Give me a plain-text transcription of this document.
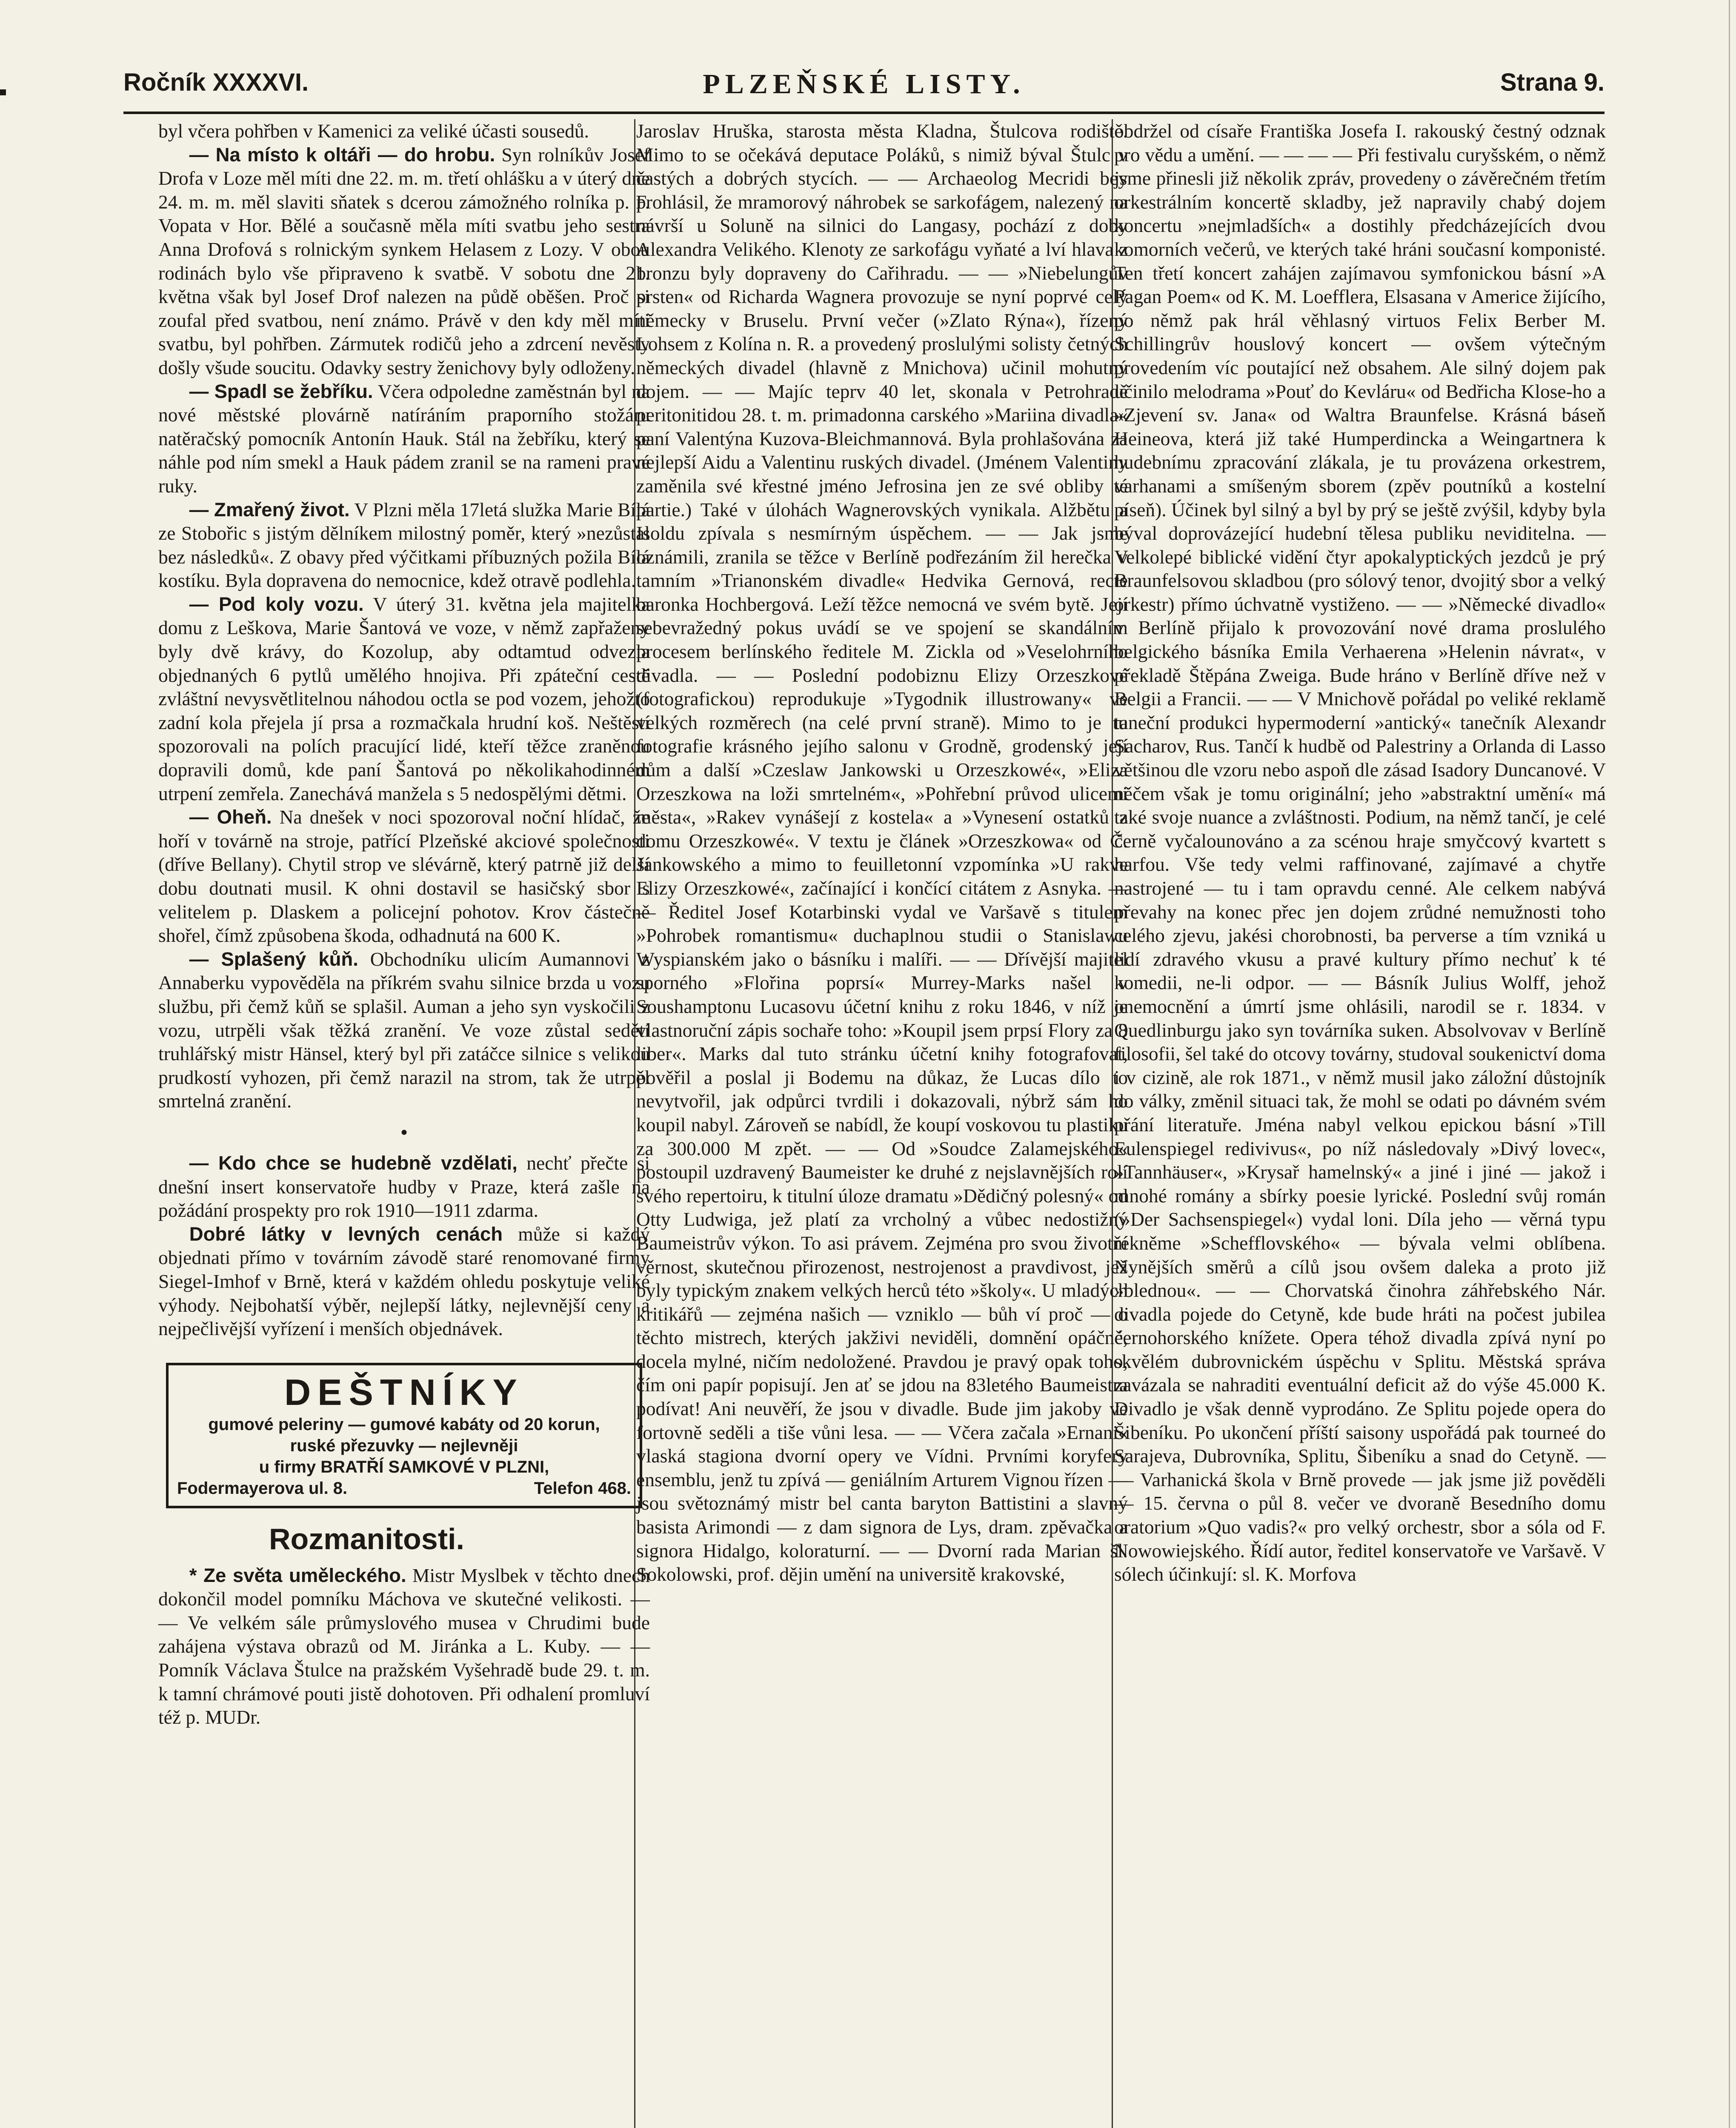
Ročník XXXXVI.	PLZEŇSKÉ LISTY.	Strana 9.

byl včera pohřben v Kamenici za veliké účasti sousedů.

— Na místo k oltáři — do hrobu. Syn rolníkův Josef Drofa v Loze měl míti dne 22. m. m. třetí ohlášku a v úterý dne 24. m. m. měl slaviti sňatek s dcerou zámožného rolníka p. F. Vopata v Hor. Bělé a současně měla míti svatbu jeho sestra Anna Drofová s rolnickým synkem Helasem z Lozy. V obou rodinách bylo vše připraveno k svatbě. V sobotu dne 21. května však byl Josef Drof nalezen na půdě oběšen. Proč si zoufal před svatbou, není známo. Právě v den kdy měl míti svatbu, byl pohřben. Zármutek rodičů jeho a zdrcení nevěsty došly všude soucitu. Odavky sestry ženichovy byly odloženy.

— Spadl se žebříku. Včera odpoledne zaměstnán byl na nové městské plovárně natíráním praporního stožáru natěračský pomocník Antonín Hauk. Stál na žebříku, který se náhle pod ním smekl a Hauk pádem zranil se na rameni pravé ruky.

— Zmařený život. V Plzni měla 17letá služka Marie Bílá ze Stobořic s jistým dělníkem milostný poměr, který »nezůstal bez následků«. Z obavy před výčitkami příbuzných požila Bílá kostíku. Byla dopravena do nemocnice, kdež otravě podlehla.

— Pod koly vozu. V úterý 31. května jela majitelka domu z Leškova, Marie Šantová ve voze, v němž zapřaženy byly dvě krávy, do Kozolup, aby odtamtud odvezla objednaných 6 pytlů umělého hnojiva. Při zpáteční cestě zvláštní nevysvětlitelnou náhodou octla se pod vozem, jehožto zadní kola přejela jí prsa a rozmačkala hrudní koš. Neštěstí spozorovali na polích pracující lidé, kteří těžce zraněnou dopravili domů, kde paní Šantová po několikahodinném utrpení zemřela. Zanechává manžela s 5 nedospělými dětmi.

— Oheň. Na dnešek v noci spozoroval noční hlídač, že hoří v továrně na stroje, patřící Plzeňské akciové společnosti (dříve Bellany). Chytil strop ve slévárně, který patrně již delší dobu doutnati musil. K ohni dostavil se hasičský sbor s velitelem p. Dlaskem a policejní pohotov. Krov částečně shořel, čímž způsobena škoda, odhadnutá na 600 K.

— Splašený kůň. Obchodníku ulicím Aumannovi z Annaberku vypověděla na příkrém svahu silnice brzda u vozu službu, při čemž kůň se splašil. Auman a jeho syn vyskočili z vozu, utrpěli však těžká zranění. Ve voze zůstal sedětí truhlářský mistr Hänsel, který byl při zatáčce silnice s velikou prudkostí vyhozen, při čemž narazil na strom, tak že utrpěl smrtelná zranění.

•

— Kdo chce se hudebně vzdělati, nechť přečte si dnešní insert konservatoře hudby v Praze, která zašle na požádání prospekty pro rok 1910—1911 zdarma.

Dobré látky v levných cenách může si každý objednati přímo v továrním závodě staré renomované firmy Siegel-Imhof v Brně, která v každém ohledu poskytuje veliké výhody. Nejbohatší výběr, nejlepší látky, nejlevnější ceny a nejpečlivější vyřízení i menších objednávek.

DEŠTNÍKY
gumové peleriny — gumové kabáty od 20 korun,
ruské přezuvky — nejlevněji
u firmy BRATŘÍ SAMKOVÉ V PLZNI,
Fodermayerova ul. 8.	Telefon 468.
Rozmanitosti.

* Ze světa uměleckého. Mistr Myslbek v těchto dnech dokončil model pomníku Máchova ve skutečné velikosti. — — Ve velkém sále průmyslového musea v Chrudimi bude zahájena výstava obrazů od M. Jiránka a L. Kuby. — — Pomník Václava Štulce na pražském Vyšehradě bude 29. t. m. k tamní chrámové pouti jistě dohotoven. Při odhalení promluví též p. MUDr.

Jaroslav Hruška, starosta města Kladna, Štulcova rodiště. Mimo to se očekává deputace Poláků, s nimiž býval Štulc v častých a dobrých stycích. — — Archaeolog Mecridi bey prohlásil, že mramorový náhrobek se sarkofágem, nalezený na návrší u Soluně na silnici do Langasy, pochází z doby Alexandra Velikého. Klenoty ze sarkofágu vyňaté a lví hlava z bronzu byly dopraveny do Cařihradu. — — »Niebelungův prsten« od Richarda Wagnera provozuje se nyní poprvé celý německy v Bruselu. První večer (»Zlato Rýna«), řízený Lohsem z Kolína n. R. a provedený proslulými solisty četných německých divadel (hlavně z Mnichova) učinil mohutný dojem. — — Majíc teprv 40 let, skonala v Petrohradě peritonitidou 28. t. m. primadonna carského »Mariina divadla« paní Valentýna Kuzova-Bleichmannová. Byla prohlašována za nejlepší Aidu a Valentinu ruských divadel. (Jménem Valentiny zaměnila své křestné jméno Jefrosina jen ze své obliby té partie.) Také v úlohách Wagnerovských vynikala. Alžbětu a Isoldu zpívala s nesmírným úspěchem. — — Jak jsme oznámili, zranila se těžce v Berlíně podřezáním žil herečka v tamním »Trianonském divadle« Hedvika Gernová, recte baronka Hochbergová. Leží těžce nemocná ve svém bytě. Její sebevražedný pokus uvádí se ve spojení se skandálním procesem berlínského ředitele M. Zickla od »Veselohrního divadla. — — Poslední podobiznu Elizy Orzeszkové (fotografickou) reprodukuje »Tygodnik illustrowany« ve velkých rozměrech (na celé první straně). Mimo to je tu fotografie krásného jejího salonu v Grodně, grodenský její dům a další »Czeslaw Jankowski u Orzeszkowé«, »Eliza Orzeszkowa na loži smrtelném«, »Pohřební průvod ulicemi města«, »Rakev vynášejí z kostela« a »Vynesení ostatků z domu Orzeszkowé«. V textu je článek »Orzeszkowa« od Č. Jankowského a mimo to feuilletonní vzpomínka »U rakve Elizy Orzeszkowé«, začínající i končící citátem z Asnyka. — — Ředitel Josef Kotarbinski vydal ve Varšavě s titulem »Pohrobek romantismu« duchaplnou studii o Stanislawu Wyspianském jako o básníku i malíři. — — Dřívější majitel sporného »Flořina poprsí« Murrey-Marks našel v Soushamptonu Lucasovu účetní knihu z roku 1846, v níž je vlastnoruční zápis sochaře toho: »Koupil jsem prpsí Flory za 8 liber«. Marks dal tuto stránku účetní knihy fotografovat, pověřil a poslal ji Bodemu na důkaz, že Lucas dílo to nevytvořil, jak odpůrci tvrdili i dokazovali, nýbrž sám ho koupil nabyl. Zároveň se nabídl, že koupí voskovou tu plastiku za 300.000 M zpět. — — Od »Soudce Zalamejského« postoupil uzdravený Baumeister ke druhé z nejslavnějších rolí svého repertoiru, k titulní úloze dramatu »Dědičný polesný« od Otty Ludwiga, jež platí za vrcholný a vůbec nedostižný Baumeistrův výkon. To asi právem. Zejména pro svou životní věrnost, skutečnou přirozenost, nestrojenost a pravdivost, jež byly typickým znakem velkých herců této »školy«. U mladých kritikářů — zejména našich — vzniklo — bůh ví proč — o těchto mistrech, kterých jakživi neviděli, domnění opáčné, docela mylné, ničím nedoložené. Pravdou je pravý opak toho, čím oni papír popisují. Jen ať se jdou na 83letého Baumeistra podívat! Ani neuvěří, že jsou v divadle. Bude jim jakoby ve fortovně seděli a tiše vůni lesa. — — Včera začala »Ernani« vlaská stagiona dvorní opery ve Vídni. Prvními koryfery ensemblu, jenž tu zpívá — geniálním Arturem Vignou řízen — jsou světoznámý mistr bel canta baryton Battistini a slavný basista Arimondi — z dam signora de Lys, dram. zpěvačka a signora Hidalgo, koloraturní. — — Dvorní rada Marian šl. Sokolowski, prof. dějin umění na universitě krakovské,

obdržel od císaře Františka Josefa I. rakouský čestný odznak pro vědu a umění. — — — — Při festivalu curyšském, o němž jsme přinesli již několik zpráv, provedeny o závěrečném třetím orkestrálním koncertě skladby, jež napravily chabý dojem koncertu »nejmladších« a dostihly předcházejících dvou komorních večerů, ve kterých také hráni současní komponisté. Ten třetí koncert zahájen zajímavou symfonickou básní »A Pagan Poem« od K. M. Loefflera, Elsasana v Americe žijícího, po němž pak hrál věhlasný virtuos Felix Berber M. Schillingrův houslový koncert — ovšem výtečným provedením víc poutající než obsahem. Ale silný dojem pak učinilo melodrama »Pouť do Kevláru« od Bedřicha Klose-ho a »Zjevení sv. Jana« od Waltra Braunfelse. Krásná báseň Heineova, která již také Humperdincka a Weingartnera k hudebnímu zpracování zlákala, je tu provázena orkestrem, varhanami a smíšeným sborem (zpěv poutníků a kostelní píseň). Účinek byl silný a byl by prý se ještě zvýšil, kdyby byla býval doprovázející hudební tělesa publiku neviditelna. — Velkolepé biblické vidění čtyr apokalyptických jezdců je prý Braunfelsovou skladbou (pro sólový tenor, dvojitý sbor a velký orkestr) přímo úchvatně vystiženo. — — »Německé divadlo« v Berlíně přijalo k provozování nové drama proslulého belgického básníka Emila Verhaerena »Helenin návrat«, v překladě Štěpána Zweiga. Bude hráno v Berlíně dříve než v Belgii a Francii. — — V Mnichově pořádal po veliké reklamě taneční produkci hypermoderní »antický« tanečník Alexandr Sacharov, Rus. Tančí k hudbě od Palestriny a Orlanda di Lasso většinou dle vzoru nebo aspoň dle zásad Isadory Duncanové. V něčem však je tomu originální; jeho »abstraktní umění« má také svoje nuance a zvláštnosti. Podium, na němž tančí, je celé černě vyčalounováno a za scénou hraje smyčcový kvartett s harfou. Vše tedy velmi raffinované, zajímavé a chytře nastrojené — tu i tam opravdu cenné. Ale celkem nabývá převahy na konec přec jen dojem zrůdné nemužnosti toho celého zjevu, jakési chorobnosti, ba perverse a tím vzniká u lidí zdravého vkusu a pravé kultury přímo nechuť k té komedii, ne-li odpor. — — Básník Julius Wolff, jehož onemocnění a úmrtí jsme ohlásili, narodil se r. 1834. v Quedlinburgu jako syn továrníka suken. Absolvovav v Berlíně filosofii, šel také do otcovy továrny, studoval soukenictví doma i v cizině, ale rok 1871., v němž musil jako záložní důstojník do války, změnil situaci tak, že mohl se odati po dávném svém přání literatuře. Jména nabyl velkou epickou básní »Till Eulenspiegel redivivus«, po níž následovaly »Divý lovec«, »Tannhäuser«, »Krysař hamelnský« a jiné i jiné — jakož i mnohé romány a sbírky poesie lyrické. Poslední svůj román (»Der Sachsenspiegel«) vydal loni. Díla jeho — věrná typu řekněme »Schefflovského« — bývala velmi oblíbena. Nynějších směrů a cílů jsou ovšem daleka a proto již »blednou«. — — Chorvatská činohra záhřebského Nár. divadla pojede do Cetyně, kde bude hráti na počest jubilea černohorského knížete. Opera téhož divadla zpívá nyní po skvělém dubrovnickém úspěchu v Splitu. Městská správa zavázala se nahraditi eventuální deficit až do výše 45.000 K. Divadlo je však denně vyprodáno. Ze Splitu pojede opera do Šibeníku. Po ukončení příští saisony uspořádá pak tourneé do Sarajeva, Dubrovníka, Splitu, Šibeníku a snad do Cetyně. — — Varhanická škola v Brně provede — jak jsme již pověděli — 15. června o půl 8. večer ve dvoraně Besedního domu oratorium »Quo vadis?« pro velký orchestr, sbor a sóla od F. Nowowiejského. Řídí autor, ředitel konservatoře ve Varšavě. V sólech účinkují: sl. K. Morfova
